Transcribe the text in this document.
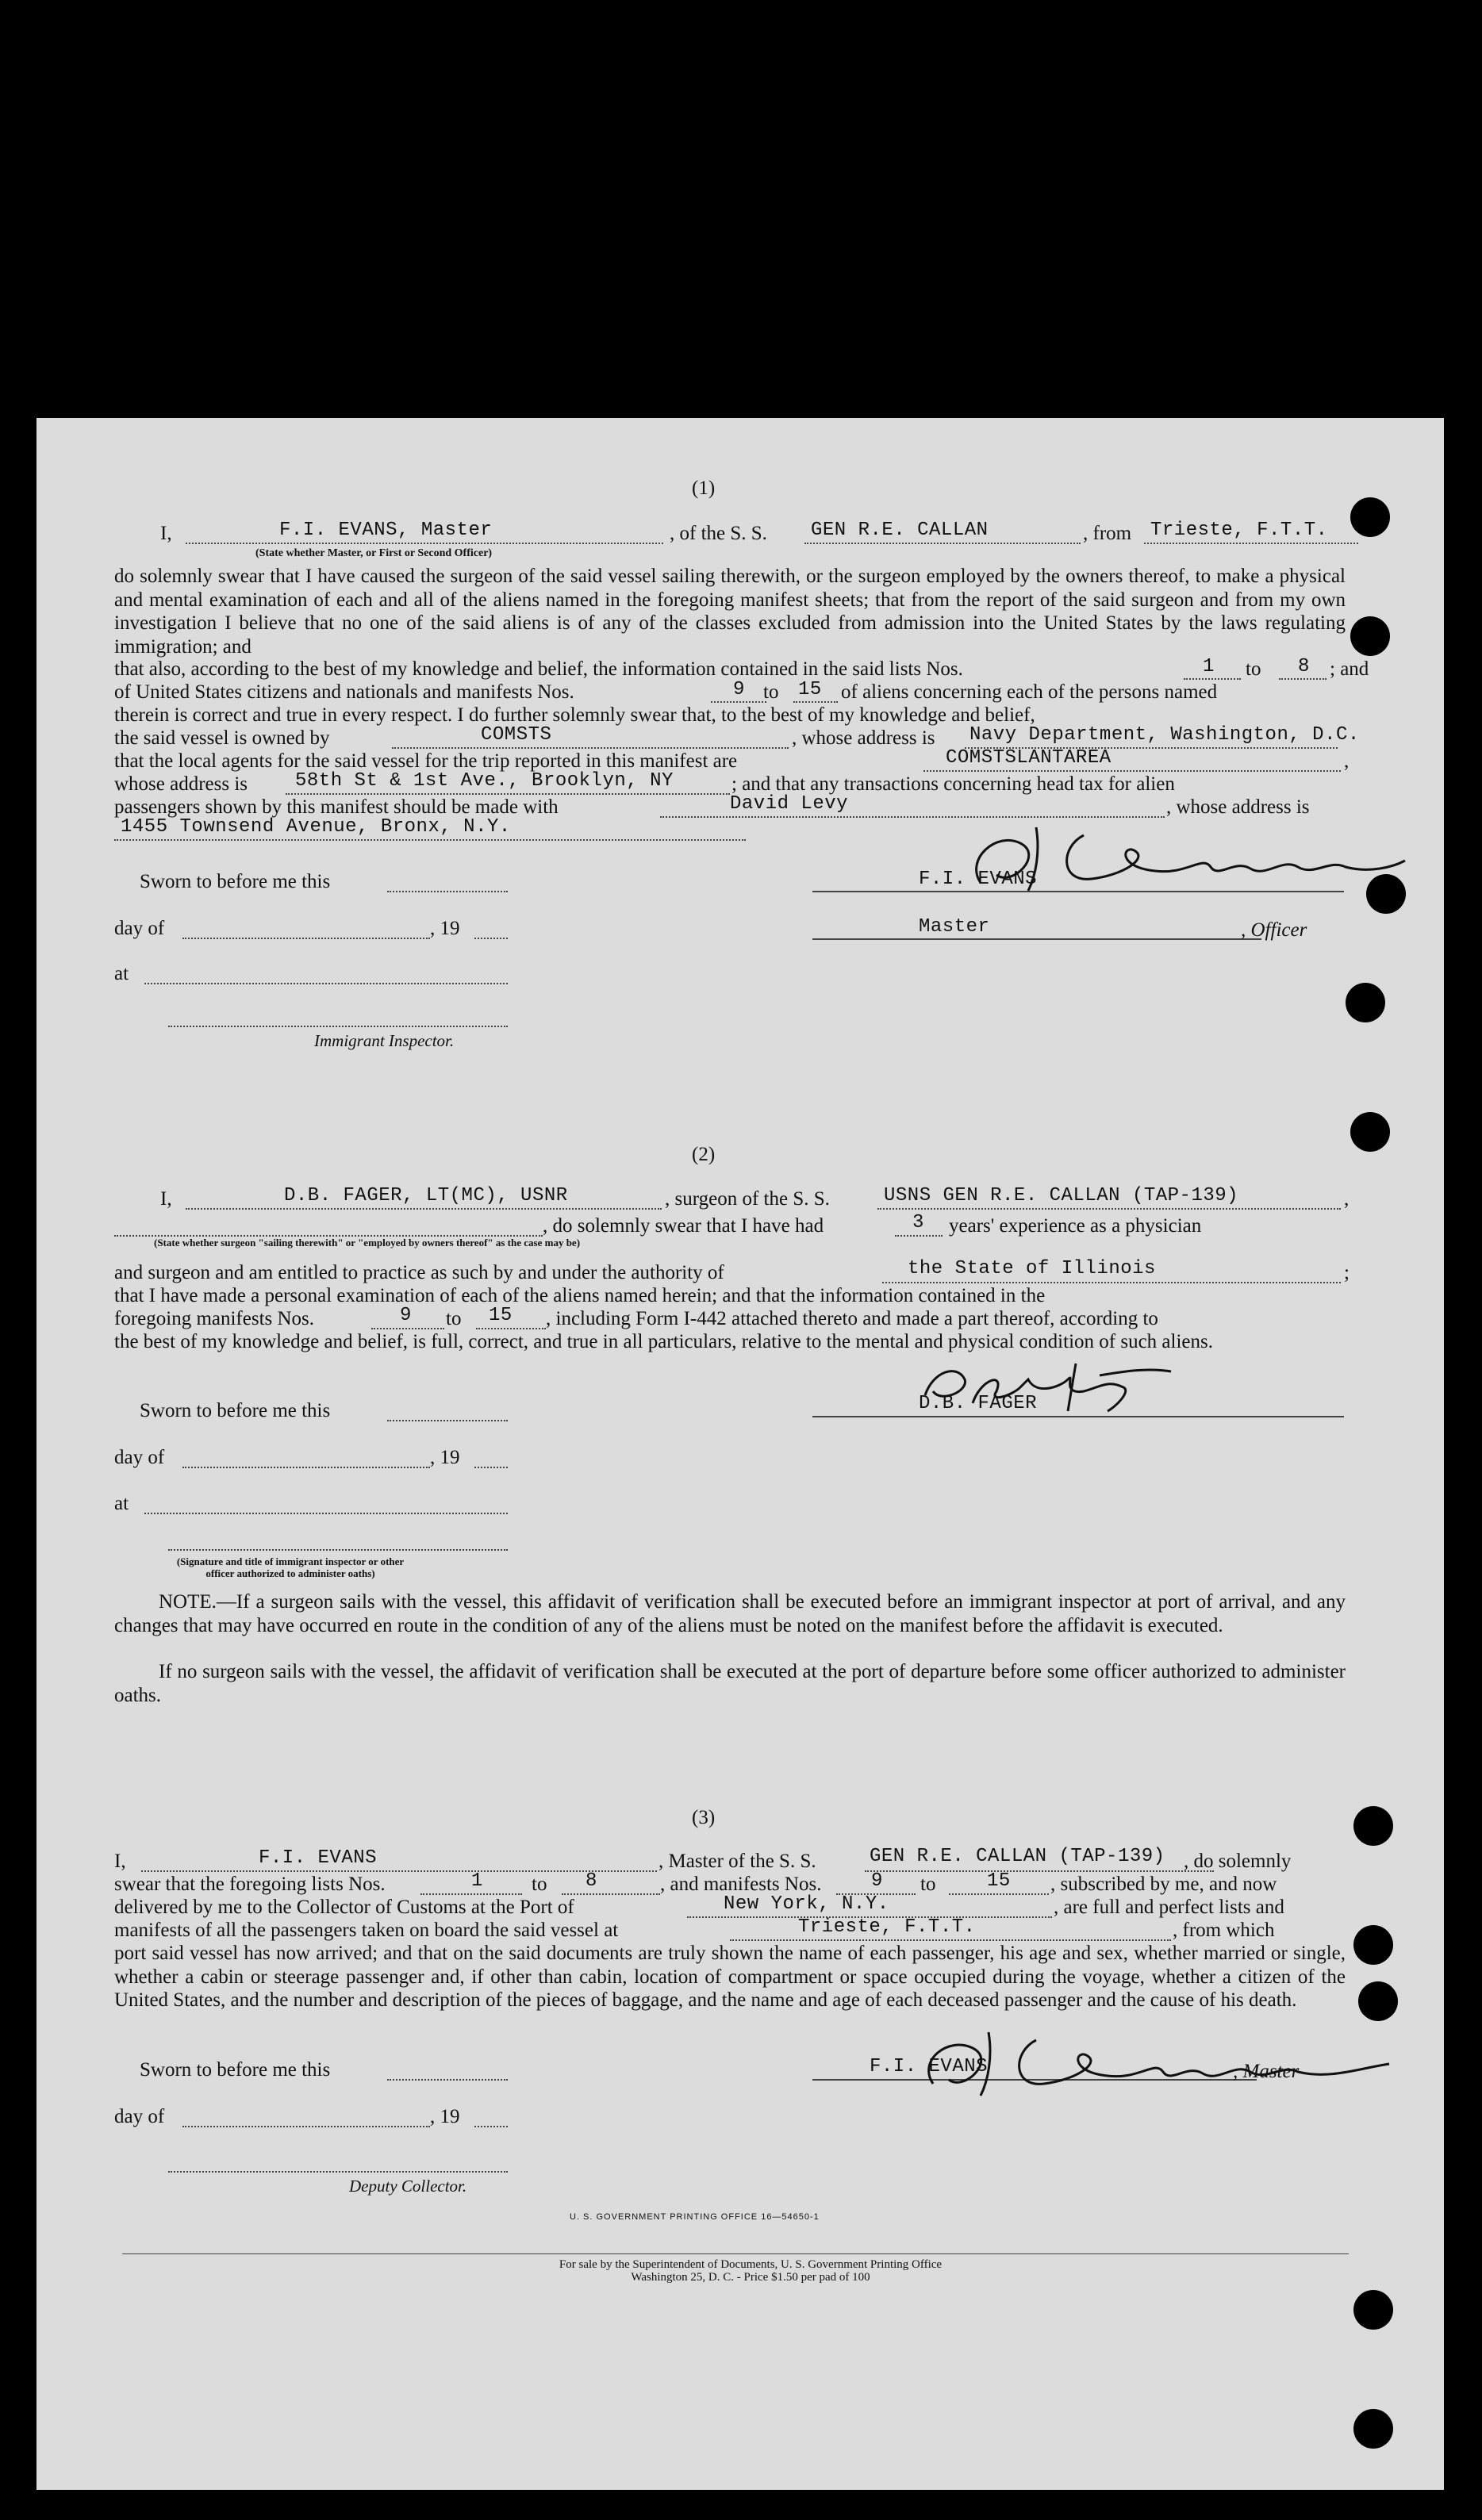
(1)
I,	F.I. EVANS, Master
(State whether Master, or First or Second Officer)
, of the S. S. GEN R.E. CALLAN	, from Trieste, F.T.T.
do solemnly swear that I have caused the surgeon of the said vessel sailing therewith, or the surgeon employed by the owners thereof, to make a physical and mental examination of each and all of the aliens named in the foregoing manifest sheets; that from the report of the said surgeon and from my own investigation I believe that no one of the said aliens is of any of the classes excluded from admission into the United States by the laws regulating immigration; and
that also, according to the best of my knowledge and belief, the information contained in the said lists Nos.	1 to 8 ; and
of United States citizens and nationals and manifests Nos.	9 to 15 of aliens concerning each of the persons named
therein is correct and true in every respect. I do further solemnly swear that, to the best of my knowledge and belief,
the said vessel is owned by	COMSTS	, whose address is Navy Department, Washington, D.C.
that the local agents for the said vessel for the trip reported in this manifest are	COMSTSLANTAREA	,
whose address is 58th St & 1st Ave., Brooklyn, NY	; and that any transactions concerning head tax for alien
passengers shown by this manifest should be made with	David Levy	, whose address is
1455 Townsend Avenue, Bronx, N.Y.
Sworn to before me this	F.I. EVANS
day of	, 19	Master	, Officer
at
Immigrant Inspector.
(2)
I,	D.B. FAGER, LT(MC), USNR	, surgeon of the S. S.	USNS GEN R.E. CALLAN (TAP-139)	,
, do solemnly swear that I have had	3 years' experience as a physician
(State whether surgeon "sailing therewith" or "employed by owners thereof" as the case may be)
and surgeon and am entitled to practice as such by and under the authority of	the State of Illinois	;
that I have made a personal examination of each of the aliens named herein; and that the information contained in the
foregoing manifests Nos.	9 to 15 , including Form I-442 attached thereto and made a part thereof, according to
the best of my knowledge and belief, is full, correct, and true in all particulars, relative to the mental and physical condition of such aliens.
Sworn to before me this	D.B. FAGER
day of	, 19
at
(Signature and title of immigrant inspector or other officer authorized to administer oaths)
NOTE.—If a surgeon sails with the vessel, this affidavit of verification shall be executed before an immigrant inspector at port of arrival, and any changes that may have occurred en route in the condition of any of the aliens must be noted on the manifest before the affidavit is executed.
If no surgeon sails with the vessel, the affidavit of verification shall be executed at the port of departure before some officer authorized to administer oaths.
(3)
I,	F.I. EVANS	, Master of the S. S.	GEN R.E. CALLAN (TAP-139) , do solemnly
swear that the foregoing lists Nos.	1 to 8	, and manifests Nos.	9 to	15 , subscribed by me, and now
delivered by me to the Collector of Customs at the Port of	New York, N.Y.	, are full and perfect lists and
manifests of all the passengers taken on board the said vessel at	Trieste, F.T.T.	, from which
port said vessel has now arrived; and that on the said documents are truly shown the name of each passenger, his age and sex, whether married or single, whether a cabin or steerage passenger and, if other than cabin, location of compartment or space occupied during the voyage, whether a citizen of the United States, and the number and description of the pieces of baggage, and the name and age of each deceased passenger and the cause of his death.
Sworn to before me this	F.I. EVANS	, Master
day of	, 19
Deputy Collector.
U. S. GOVERNMENT PRINTING OFFICE 16—54650-1
For sale by the Superintendent of Documents, U. S. Government Printing Office
Washington 25, D. C. - Price $1.50 per pad of 100
